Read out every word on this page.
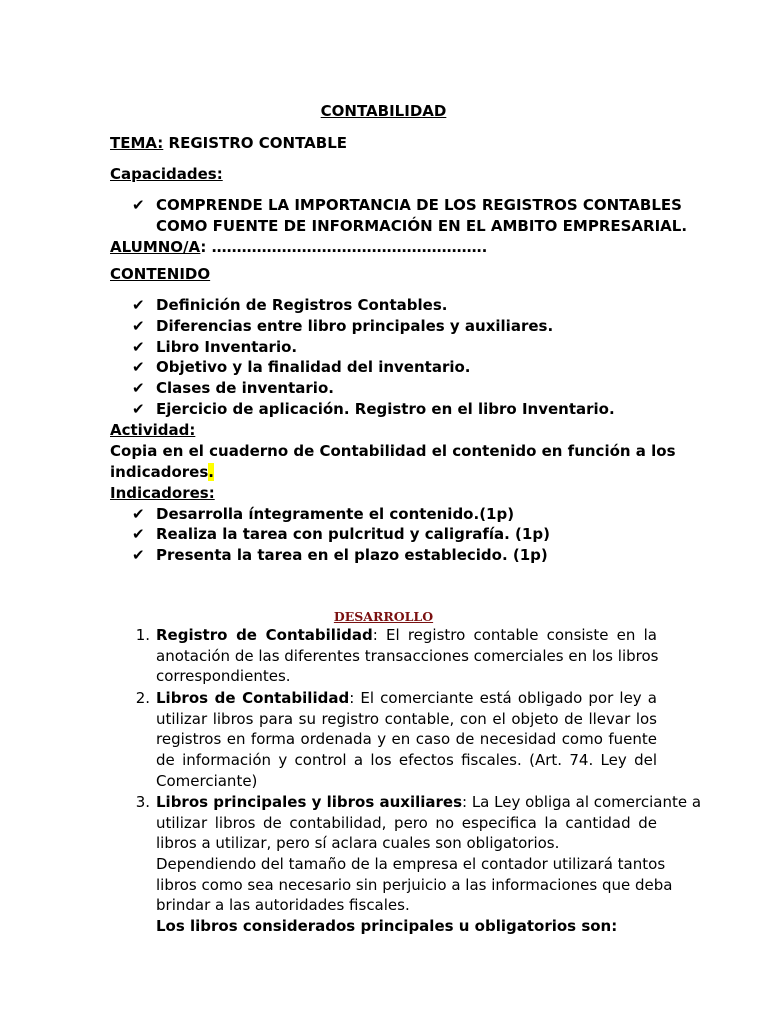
CONTABILIDAD
TEMA: REGISTRO CONTABLE
Capacidades:
✔ COMPRENDE LA IMPORTANCIA DE LOS REGISTROS CONTABLES
COMO FUENTE DE INFORMACIÓN EN EL AMBITO EMPRESARIAL.
ALUMNO/A: ……………………………………………….
CONTENIDO
✔ Definición de Registros Contables.
✔ Diferencias entre libro principales y auxiliares.
✔ Libro Inventario.
✔ Objetivo y la finalidad del inventario.
✔ Clases de inventario.
✔ Ejercicio de aplicación. Registro en el libro Inventario.
Actividad:
Copia en el cuaderno de Contabilidad el contenido en función a los
indicadores.
Indicadores:
✔ Desarrolla íntegramente el contenido.(1p)
✔ Realiza la tarea con pulcritud y caligrafía. (1p)
✔ Presenta la tarea en el plazo establecido. (1p)
DESARROLLO
1. Registro de Contabilidad: El registro contable consiste en la
anotación de las diferentes transacciones comerciales en los libros
correspondientes.
2. Libros de Contabilidad: El comerciante está obligado por ley a
utilizar libros para su registro contable, con el objeto de llevar los
registros en forma ordenada y en caso de necesidad como fuente
de información y control a los efectos fiscales. (Art. 74. Ley del
Comerciante)
3. Libros principales y libros auxiliares: La Ley obliga al comerciante a
utilizar libros de contabilidad, pero no especifica la cantidad de
libros a utilizar, pero sí aclara cuales son obligatorios.
Dependiendo del tamaño de la empresa el contador utilizará tantos
libros como sea necesario sin perjuicio a las informaciones que deba
brindar a las autoridades fiscales.
Los libros considerados principales u obligatorios son:
